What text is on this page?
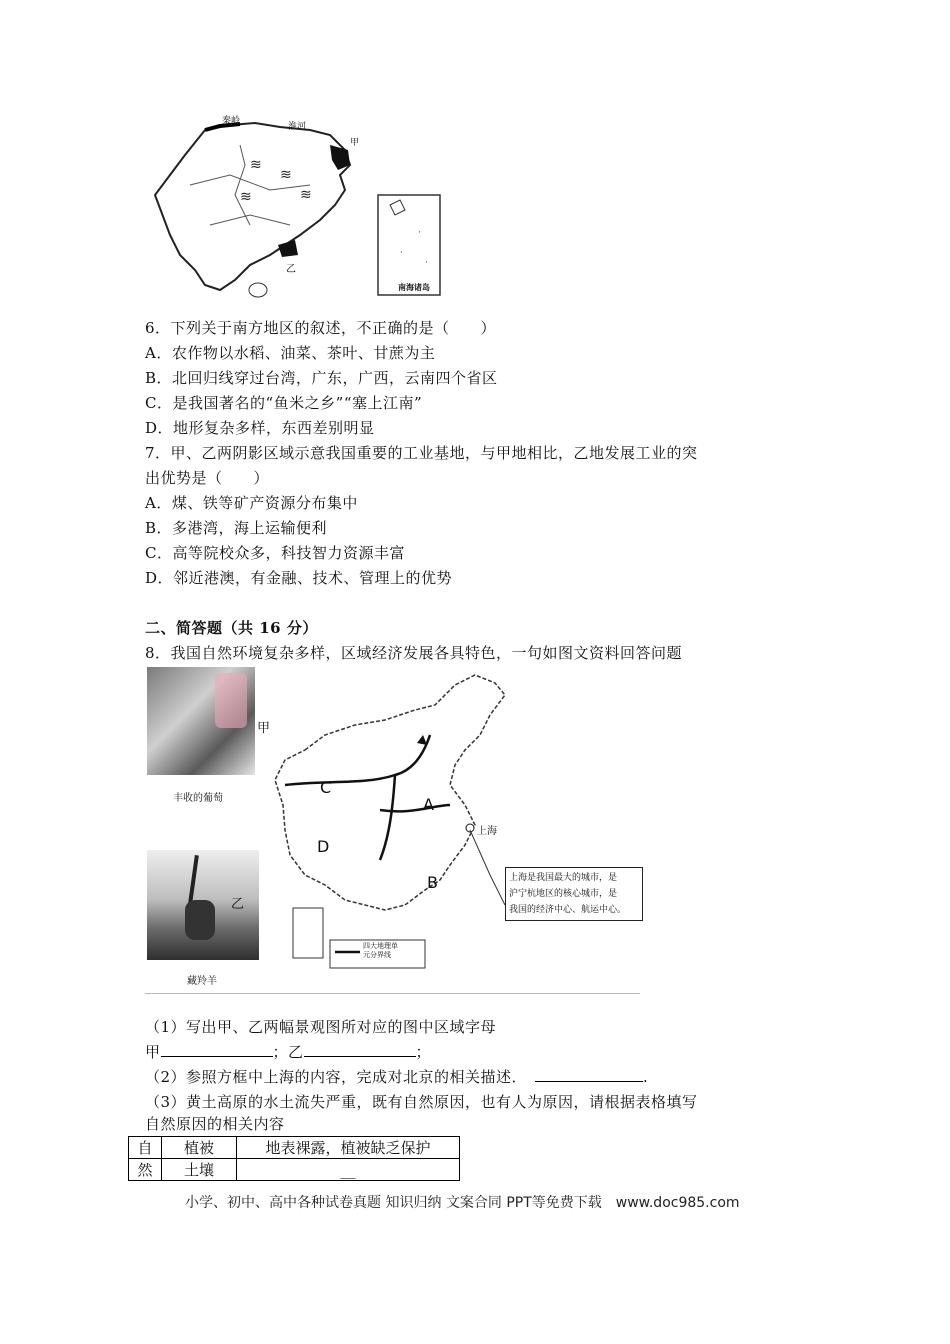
≋
≋
≋	≋
·
·
·
秦岭
淮河
甲
乙
南海诸岛
6．下列关于南方地区的叙述，不正确的是（　　）
A．农作物以水稻、油菜、茶叶、甘蔗为主
B．北回归线穿过台湾，广东，广西，云南四个省区
C．是我国著名的“鱼米之乡”“塞上江南”
D．地形复杂多样，东西差别明显
7．甲、乙两阴影区域示意我国重要的工业基地，与甲地相比，乙地发展工业的突
出优势是（　　）
A．煤、铁等矿产资源分布集中
B．多港湾，海上运输便利
C．高等院校众多，科技智力资源丰富
D．邻近港澳，有金融、技术、管理上的优势
二、简答题（共 16 分）
8．我国自然环境复杂多样，区域经济发展各具特色，一句如图文资料回答问题
甲
丰收的葡萄
乙
藏羚羊
C
A
D
B
上海
上海是我国最大的城市，是
沪宁杭地区的核心城市，是
我国的经济中心、航运中心。
四大地理单
元分界线
（1）写出甲、乙两幅景观图所对应的图中区域字母
甲	；乙	；
（2）参照方框中上海的内容，完成对北京的相关描述．	.
（3）黄土高原的水土流失严重，既有自然原因，也有人为原因，请根据表格填写
自然原因的相关内容
自	植被	地表裸露，植被缺乏保护
然	土壤	__
小学、初中、高中各种试卷真题 知识归纳 文案合同 PPT等免费下载　www.doc985.com
